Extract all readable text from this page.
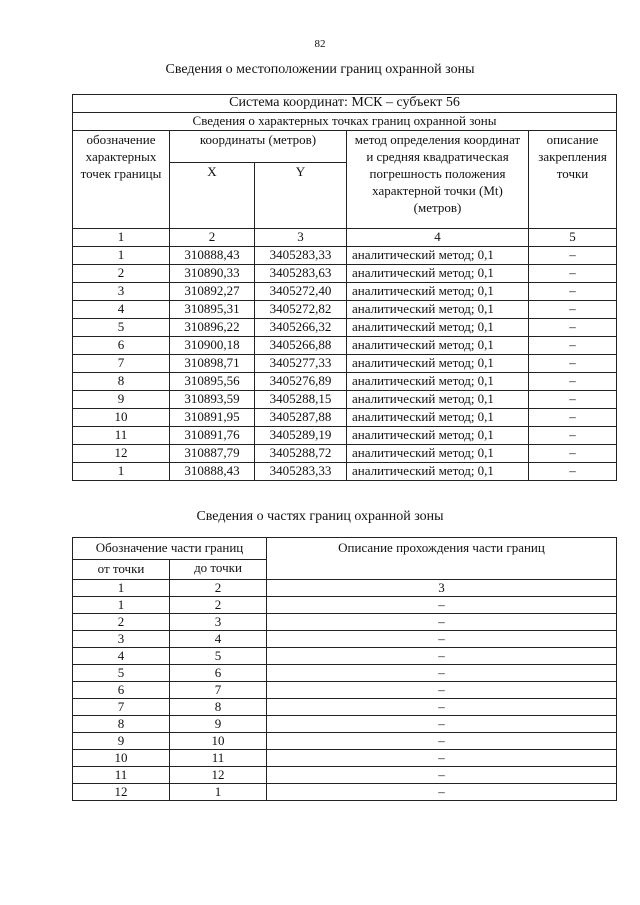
82
Сведения о местоположении границ охранной зоны
Система координат: МСК – субъект 56				
Сведения о характерных точках границ охранной зоны				
обозначение характерных точек границы	координаты (метров)		метод определения координат и средняя квадратическая погрешность положения характерной точки (Mt) (метров)	описание закрепления точки
	X	Y		
1	2	3	4	5
1	310888,43	3405283,33	аналитический метод; 0,1	–
2	310890,33	3405283,63	аналитический метод; 0,1	–
3	310892,27	3405272,40	аналитический метод; 0,1	–
4	310895,31	3405272,82	аналитический метод; 0,1	–
5	310896,22	3405266,32	аналитический метод; 0,1	–
6	310900,18	3405266,88	аналитический метод; 0,1	–
7	310898,71	3405277,33	аналитический метод; 0,1	–
8	310895,56	3405276,89	аналитический метод; 0,1	–
9	310893,59	3405288,15	аналитический метод; 0,1	–
10	310891,95	3405287,88	аналитический метод; 0,1	–
11	310891,76	3405289,19	аналитический метод; 0,1	–
12	310887,79	3405288,72	аналитический метод; 0,1	–
1	310888,43	3405283,33	аналитический метод; 0,1	–
Сведения о частях границ охранной зоны
Обозначение части границ		Описание прохождения части границ
от точки	до точки	
1	2	3
1	2	–
2	3	–
3	4	–
4	5	–
5	6	–
6	7	–
7	8	–
8	9	–
9	10	–
10	11	–
11	12	–
12	1	–
